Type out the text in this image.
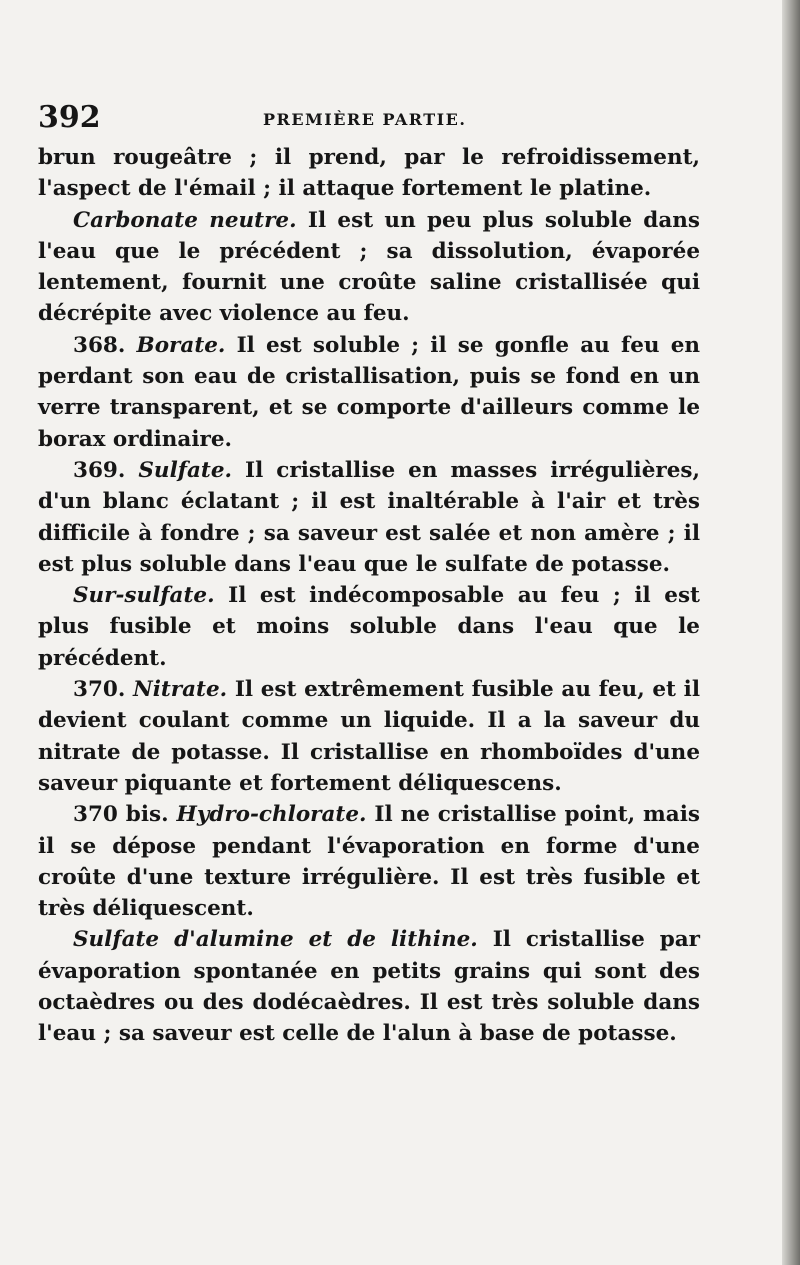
392	PREMIÈRE PARTIE.

brun rougeâtre ; il prend, par le refroidissement, l'aspect de l'émail ; il attaque fortement le platine.

Carbonate neutre. Il est un peu plus soluble dans l'eau que le précédent ; sa dissolution, évaporée lentement, fournit une croûte saline cristallisée qui décrépite avec violence au feu.

368. Borate. Il est soluble ; il se gonfle au feu en perdant son eau de cristallisation, puis se fond en un verre transparent, et se comporte d'ailleurs comme le borax ordinaire.

369. Sulfate. Il cristallise en masses irrégulières, d'un blanc éclatant ; il est inaltérable à l'air et très difficile à fondre ; sa saveur est salée et non amère ; il est plus soluble dans l'eau que le sulfate de potasse.

Sur-sulfate. Il est indécomposable au feu ; il est plus fusible et moins soluble dans l'eau que le précédent.

370. Nitrate. Il est extrêmement fusible au feu, et il devient coulant comme un liquide. Il a la saveur du nitrate de potasse. Il cristallise en rhomboïdes d'une saveur piquante et fortement déliquescens.

370 bis. Hydro-chlorate. Il ne cristallise point, mais il se dépose pendant l'évaporation en forme d'une croûte d'une texture irrégulière. Il est très fusible et très déliquescent.

Sulfate d'alumine et de lithine. Il cristallise par évaporation spontanée en petits grains qui sont des octaèdres ou des dodécaèdres. Il est très soluble dans l'eau ; sa saveur est celle de l'alun à base de potasse.
